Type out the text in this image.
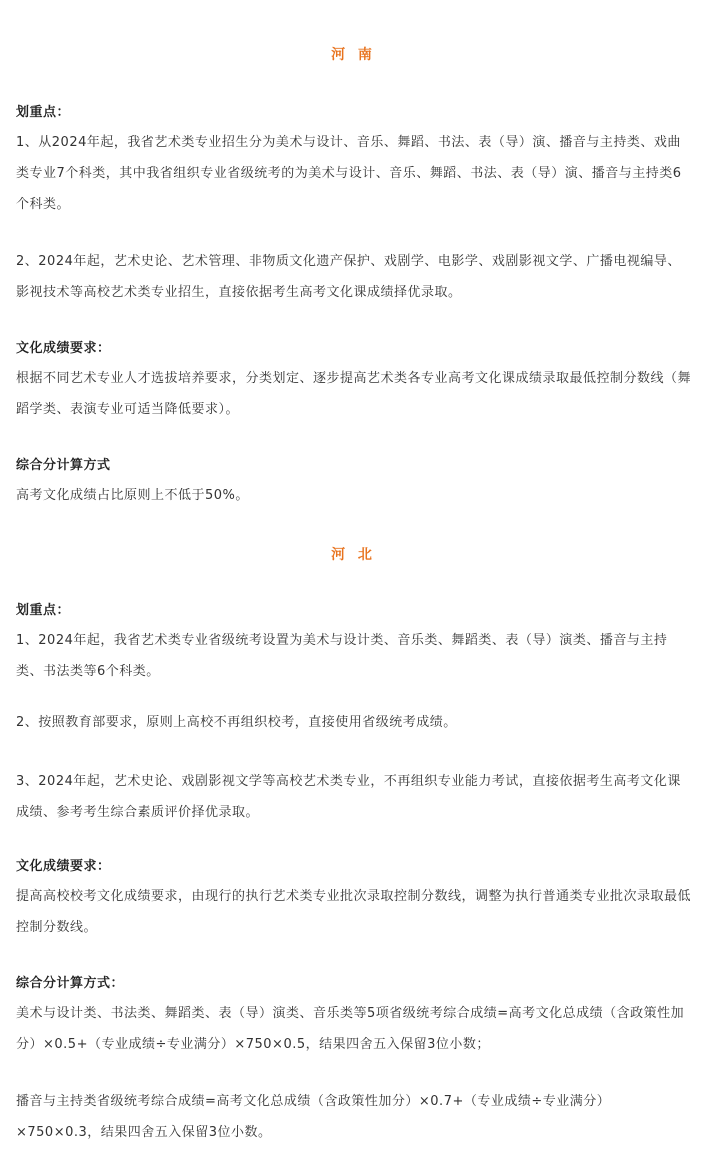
河 南
划重点：
1、从2024年起，我省艺术类专业招生分为美术与设计、音乐、舞蹈、书法、表（导）演、播音与主持类、戏曲类专业7个科类，其中我省组织专业省级统考的为美术与设计、音乐、舞蹈、书法、表（导）演、播音与主持类6个科类。
2、2024年起，艺术史论、艺术管理、非物质文化遗产保护、戏剧学、电影学、戏剧影视文学、广播电视编导、影视技术等高校艺术类专业招生，直接依据考生高考文化课成绩择优录取。
文化成绩要求：
根据不同艺术专业人才选拔培养要求，分类划定、逐步提高艺术类各专业高考文化课成绩录取最低控制分数线（舞蹈学类、表演专业可适当降低要求）。
综合分计算方式
高考文化成绩占比原则上不低于50%。
河 北
划重点：
1、2024年起，我省艺术类专业省级统考设置为美术与设计类、音乐类、舞蹈类、表（导）演类、播音与主持类、书法类等6个科类。
2、按照教育部要求，原则上高校不再组织校考，直接使用省级统考成绩。
3、2024年起，艺术史论、戏剧影视文学等高校艺术类专业，不再组织专业能力考试，直接依据考生高考文化课成绩、参考考生综合素质评价择优录取。
文化成绩要求：
提高高校校考文化成绩要求，由现行的执行艺术类专业批次录取控制分数线，调整为执行普通类专业批次录取最低控制分数线。
综合分计算方式：
美术与设计类、书法类、舞蹈类、表（导）演类、音乐类等5项省级统考综合成绩=高考文化总成绩（含政策性加分）×0.5+（专业成绩÷专业满分）×750×0.5，结果四舍五入保留3位小数；
播音与主持类省级统考综合成绩=高考文化总成绩（含政策性加分）×0.7+（专业成绩÷专业满分）×750×0.3，结果四舍五入保留3位小数。
